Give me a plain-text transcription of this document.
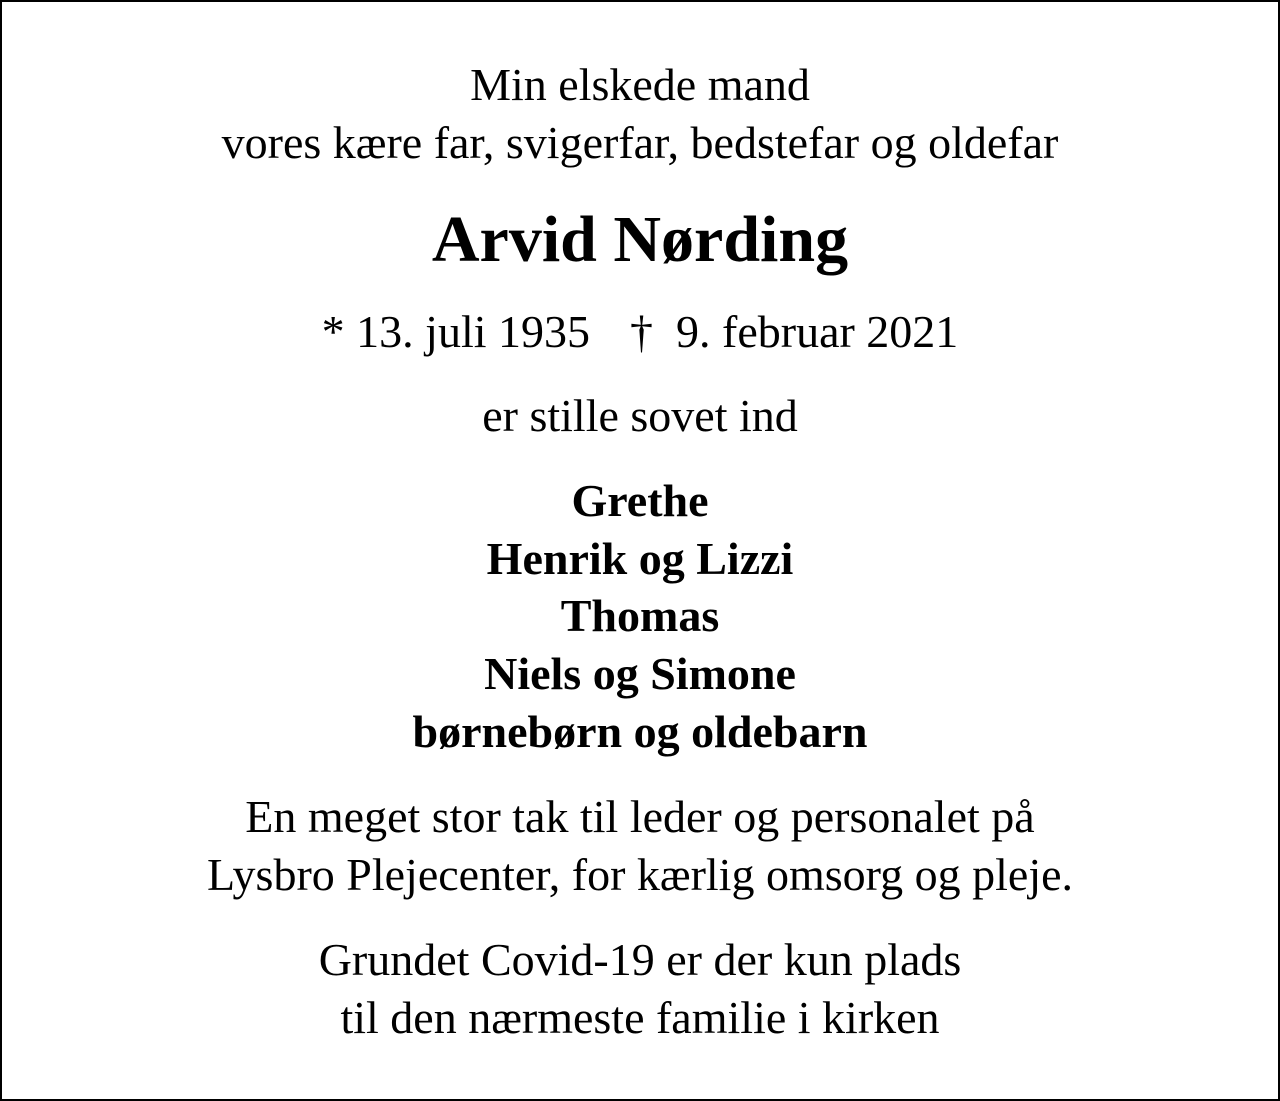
Min elskede mand
vores kære far, svigerfar, bedstefar og oldefar
Arvid Nørding
* 13. juli 1935 †  9. februar 2021
er stille sovet ind
Grethe
Henrik og Lizzi
Thomas
Niels og Simone
børnebørn og oldebarn
En meget stor tak til leder og personalet på
Lysbro Plejecenter, for kærlig omsorg og pleje.
Grundet Covid-19 er der kun plads
til den nærmeste familie i kirken
